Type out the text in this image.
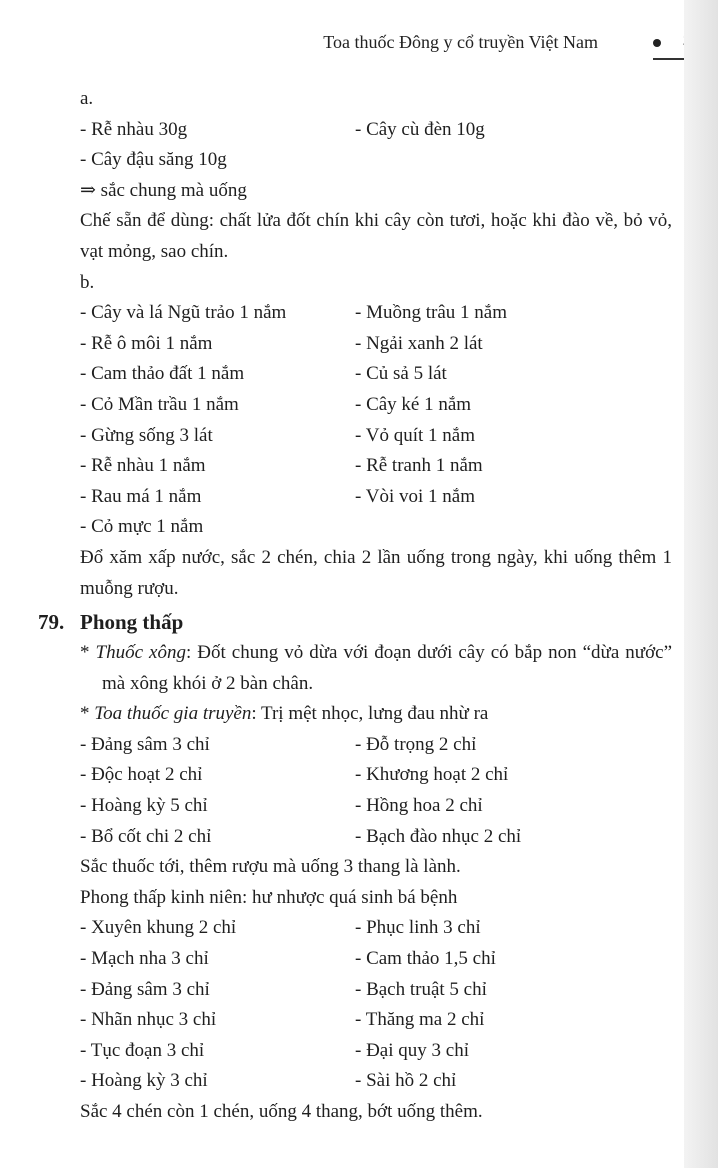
Toa thuốc Đông y cổ truyền Việt Nam
a.
- Rễ nhàu 30g	- Cây cù đèn 10g
- Cây đậu săng 10g
⇒ sắc chung mà uống
Chế sẵn để dùng: chất lửa đốt chín khi cây còn tươi, hoặc khi đào về, bỏ vỏ, vạt mỏng, sao chín.
b.
- Cây và lá Ngũ trảo 1 nắm	- Muồng trâu 1 nắm
- Rễ ô môi 1 nắm	- Ngải xanh 2 lát
- Cam thảo đất 1 nắm	- Củ sả 5 lát
- Cỏ Mần trầu 1 nắm	- Cây ké 1 nắm
- Gừng sống 3 lát	- Vỏ quít 1 nắm
- Rễ nhàu 1 nắm	- Rễ tranh 1 nắm
- Rau má 1 nắm	- Vòi voi 1 nắm
- Cỏ mực 1 nắm
Đổ xăm xấp nước, sắc 2 chén, chia 2 lần uống trong ngày, khi uống thêm 1 muỗng rượu.
79. Phong thấp
* Thuốc xông: Đốt chung vỏ dừa với đoạn dưới cây có bắp non “dừa nước” mà xông khói ở 2 bàn chân.
* Toa thuốc gia truyền: Trị mệt nhọc, lưng đau nhừ ra
- Đảng sâm 3 chỉ	- Đỗ trọng 2 chỉ
- Độc hoạt 2 chỉ	- Khương hoạt 2 chỉ
- Hoàng kỳ 5 chỉ	- Hồng hoa 2 chỉ
- Bổ cốt chi 2 chỉ	- Bạch đào nhục 2 chỉ
Sắc thuốc tới, thêm rượu mà uống 3 thang là lành.
Phong thấp kinh niên: hư nhược quá sinh bá bệnh
- Xuyên khung 2 chỉ	- Phục linh 3 chỉ
- Mạch nha 3 chỉ	- Cam thảo 1,5 chỉ
- Đảng sâm 3 chỉ	- Bạch truật 5 chỉ
- Nhãn nhục 3 chỉ	- Thăng ma 2 chỉ
- Tục đoạn 3 chỉ	- Đại quy 3 chỉ
- Hoàng kỳ 3 chỉ	- Sài hồ 2 chỉ
Sắc 4 chén còn 1 chén, uống 4 thang, bớt uống thêm.
